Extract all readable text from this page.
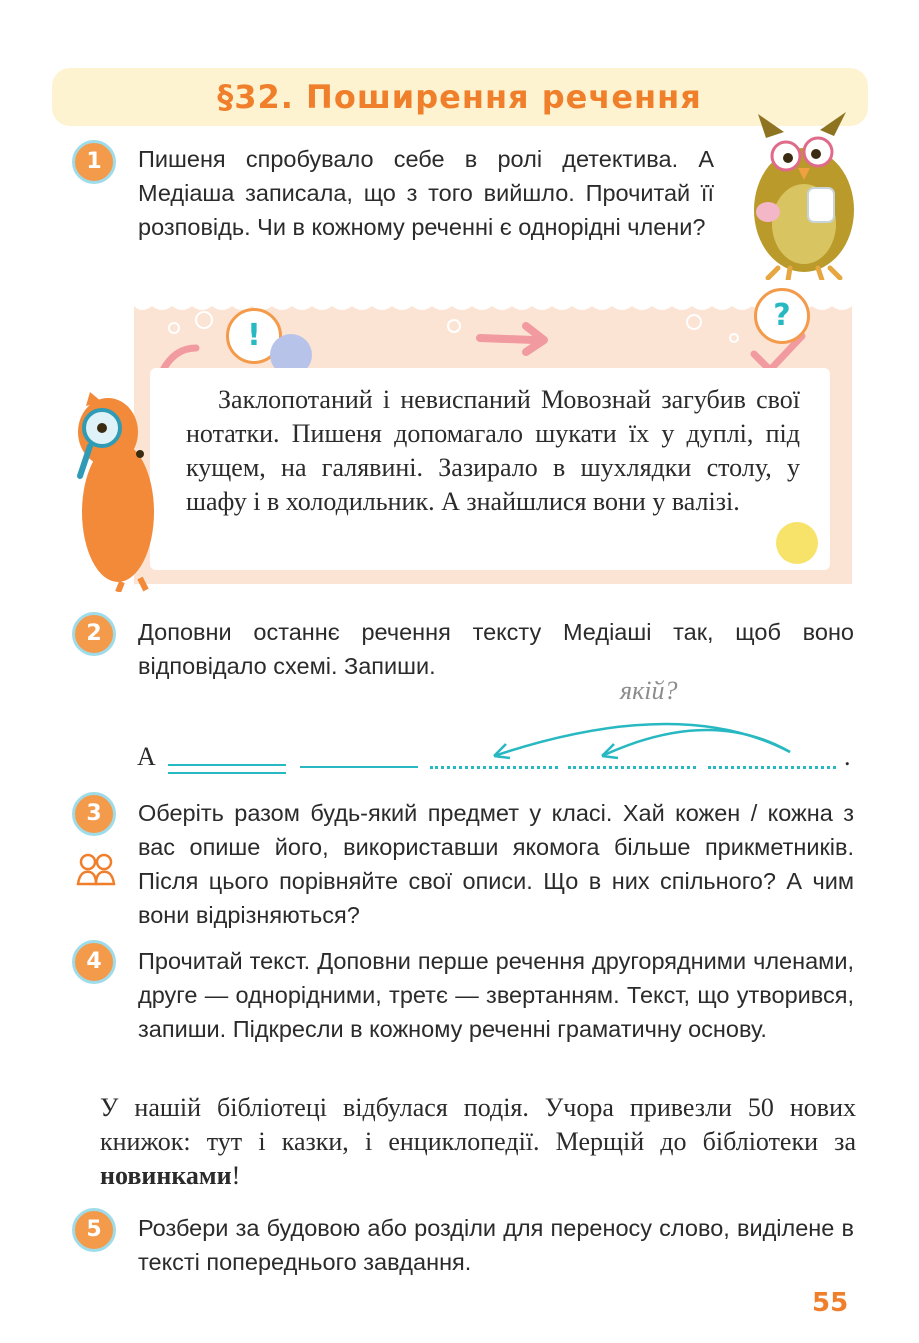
§32. Поширення речення
1	Пишеня спробувало себе в ролі детектива. А Медіаша записала, що з того вийшло. Прочитай її розповідь. Чи в кожному реченні є однорідні члени?

!
?

Заклопотаний і невиспаний Мовознай загубив свої нотатки. Пишеня допомагало шукати їх у дуплі, під кущем, на галявині. Зазирало в шухлядки столу, у шафу і в холодильник. А знайшлися вони у валізі.

2	Доповни останнє речення тексту Медіаші так, щоб воно відповідало схемі. Запиши.

якій?
А	.
3	Оберіть разом будь-який предмет у класі. Хай кожен / кожна з вас опише його, використавши якомога більше прикметників. Після цього порівняйте свої описи. Що в них спільного? А чим вони відрізняються?

4	Прочитай текст. Доповни перше речення другорядними членами, друге — однорідними, третє — звертанням. Текст, що утворився, запиши. Підкресли в кожному реченні граматичну основу.

У нашій бібліотеці відбулася подія. Учора привезли 50 нових книжок: тут і казки, і енциклопедії. Мерщій до бібліотеки за новинками!

5	Розбери за будовою або розділи для переносу слово, виділене в тексті попереднього завдання.

55
